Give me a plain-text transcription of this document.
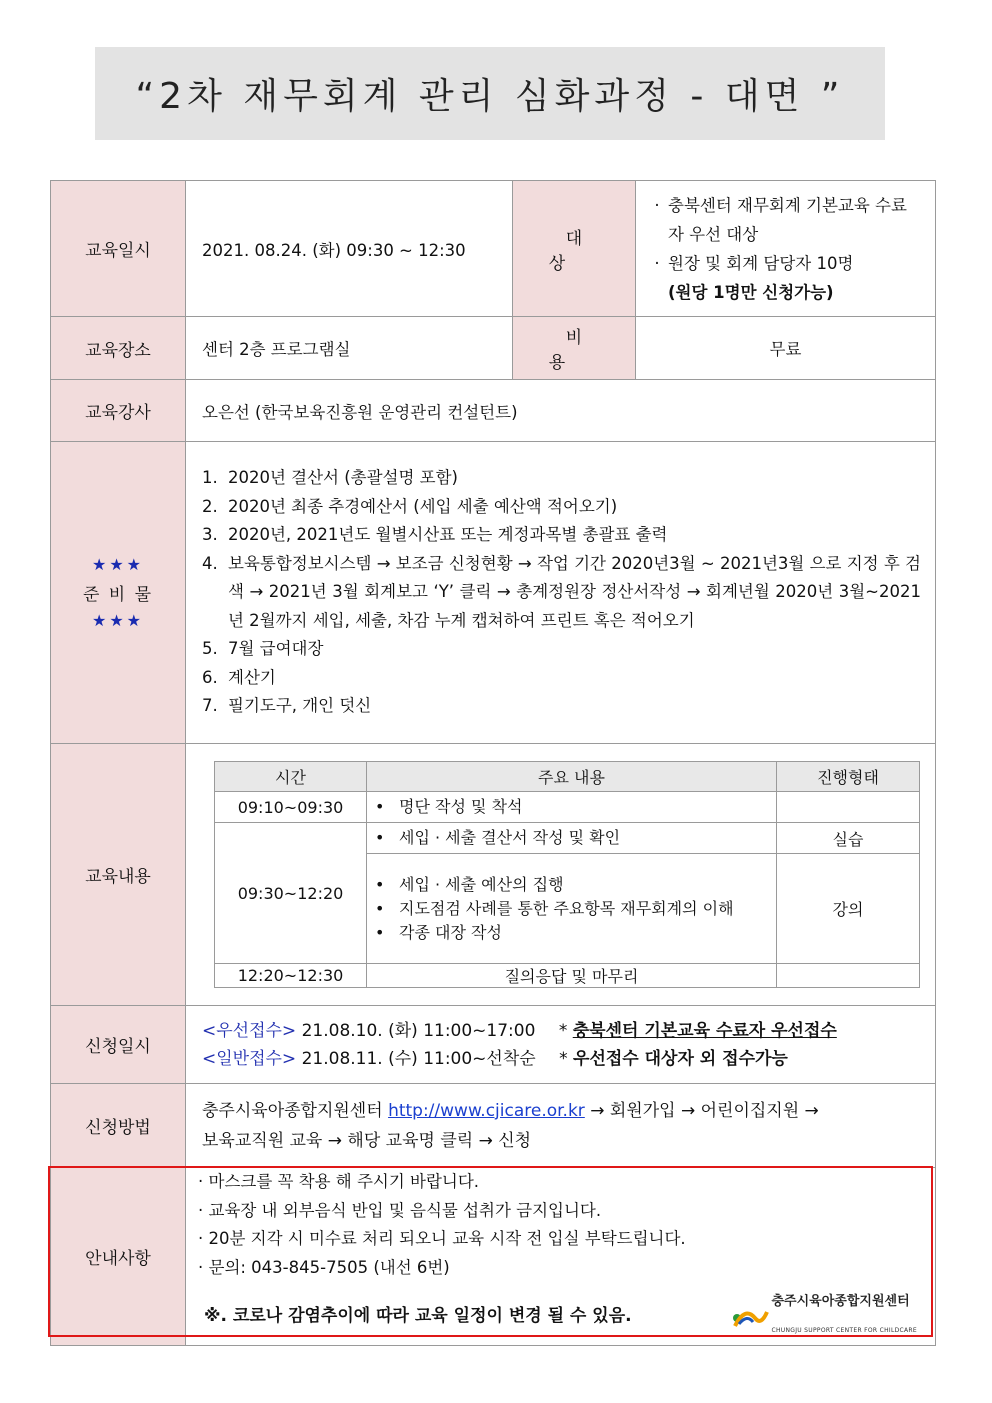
“2차 재무회계 관리 심화과정 - 대면 ”
교육일시	2021. 08.24. (화) 09:30 ~ 12:30	대 상	
· 충북센터 재무회계 기본교육 수료자 우선 대상
· 원장 및 회계 담당자 10명
(원당 1명만 신청가능)

교육장소	센터 2층 프로그램실	비 용	무료
교육강사	오은선 (한국보육진흥원 운영관리 컨설턴트)

★★★
준 비 물
★★★

1. 2020년 결산서 (총괄설명 포함)
2. 2020년 최종 추경예산서 (세입 세출 예산액 적어오기)
3. 2020년, 2021년도 월별시산표 또는 계정과목별 총괄표 출력
4. 보육통합정보시스템 → 보조금 신청현황 → 작업 기간 2020년3월 ~ 2021년3월 으로 지정 후 검색 → 2021년 3월 회계보고 ‘Y’ 클릭 → 총계정원장 정산서작성 → 회계년월 2020년 3월~2021년 2월까지 세입, 세출, 차감 누계 캡쳐하여 프린트 혹은 적어오기
5. 7월 급여대장
6. 계산기
7. 필기도구, 개인 덧신

교육내용	
시간	주요 내용	진행형태
09:10~09:30	• 명단 작성 및 착석

09:30~12:20	
• 세입 · 세출 결산서 작성 및 확인	실습

• 세입 · 세출 예산의 집행
• 지도점검 사례를 통한 주요항목 재무회계의 이해
• 각종 대장 작성
	강의
12:20~12:30	질의응답 및 마무리	

신청일시	
<우선접수> 21.08.10. (화) 11:00~17:00 * 충북센터 기본교육 수료자 우선접수
<일반접수> 21.08.11. (수) 11:00~선착순 * 우선접수 대상자 외 접수가능

신청방법	
충주시육아종합지원센터 http://www.cjicare.or.kr → 회원가입 → 어린이집지원 →
보육교직원 교육 → 해당 교육명 클릭 → 신청

안내사항	
· 마스크를 꼭 착용 해 주시기 바랍니다.
· 교육장 내 외부음식 반입 및 음식물 섭취가 금지입니다.
· 20분 지각 시 미수료 처리 되오니 교육 시작 전 입실 부탁드립니다.
· 문의: 043-845-7505 (내선 6번)
※. 코로나 감염추이에 따라 교육 일정이 변경 될 수 있음.
충주시육아종합지원센터
CHUNGJU SUPPORT CENTER FOR CHILDCARE
